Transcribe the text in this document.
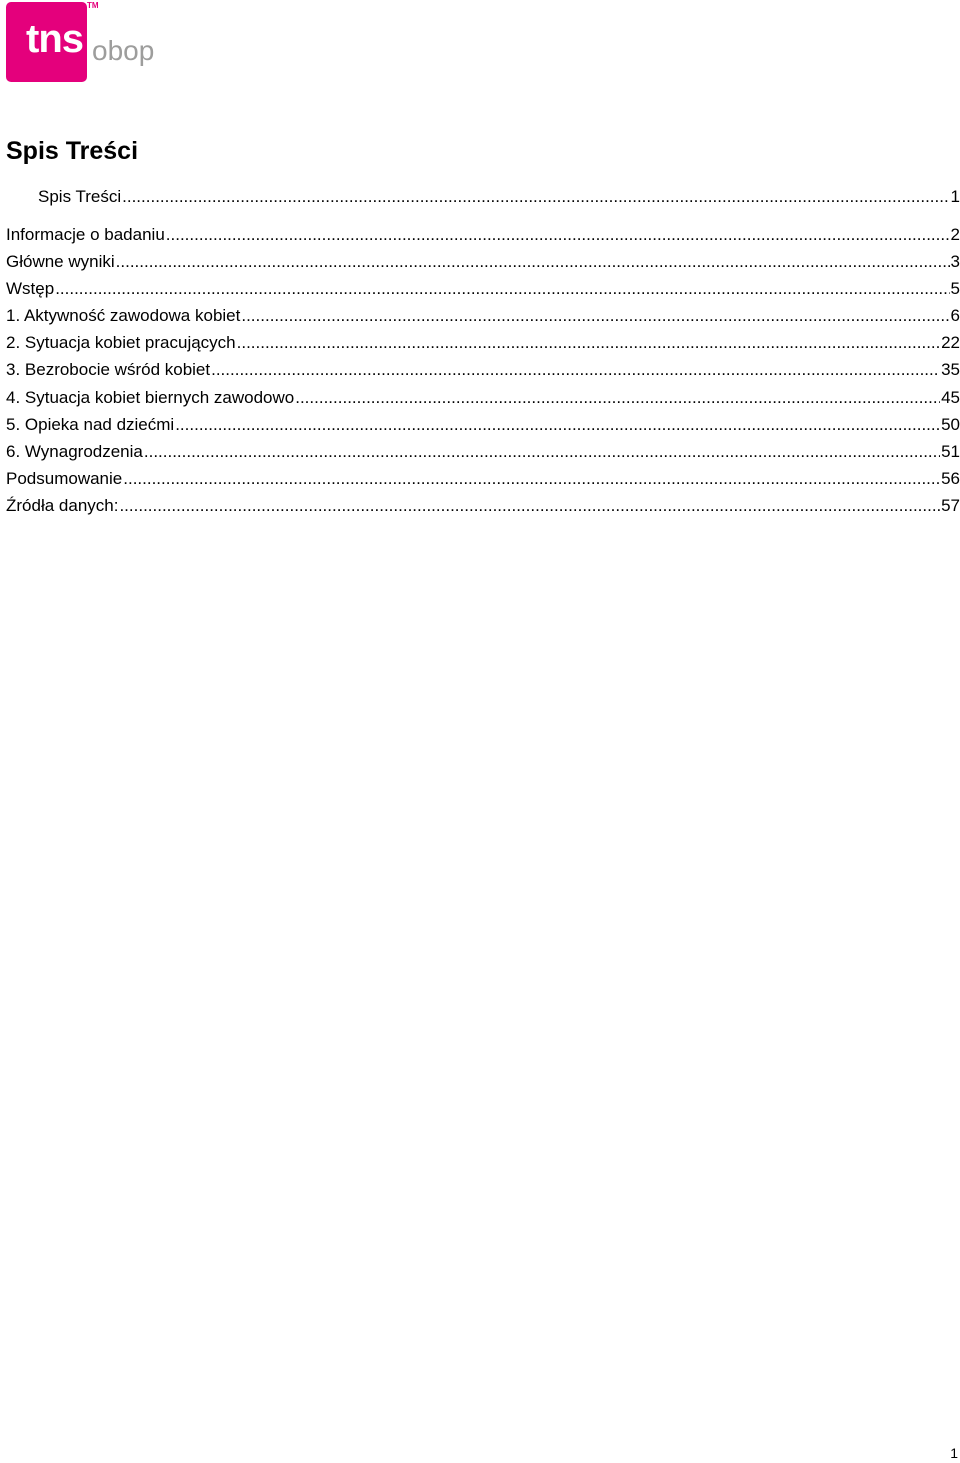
tns
TM
obop
Spis Treści
Spis Treści .....	1
Informacje o badaniu .....	2
Główne wyniki .....	3
Wstęp .....	5
1. Aktywność zawodowa kobiet .....	6
2. Sytuacja kobiet pracujących .....	22
3. Bezrobocie wśród kobiet .....	35
4. Sytuacja kobiet biernych zawodowo .....	45
5. Opieka nad dziećmi .....	50
6. Wynagrodzenia .....	51
Podsumowanie .....	56
Źródła danych: .....	57
1
